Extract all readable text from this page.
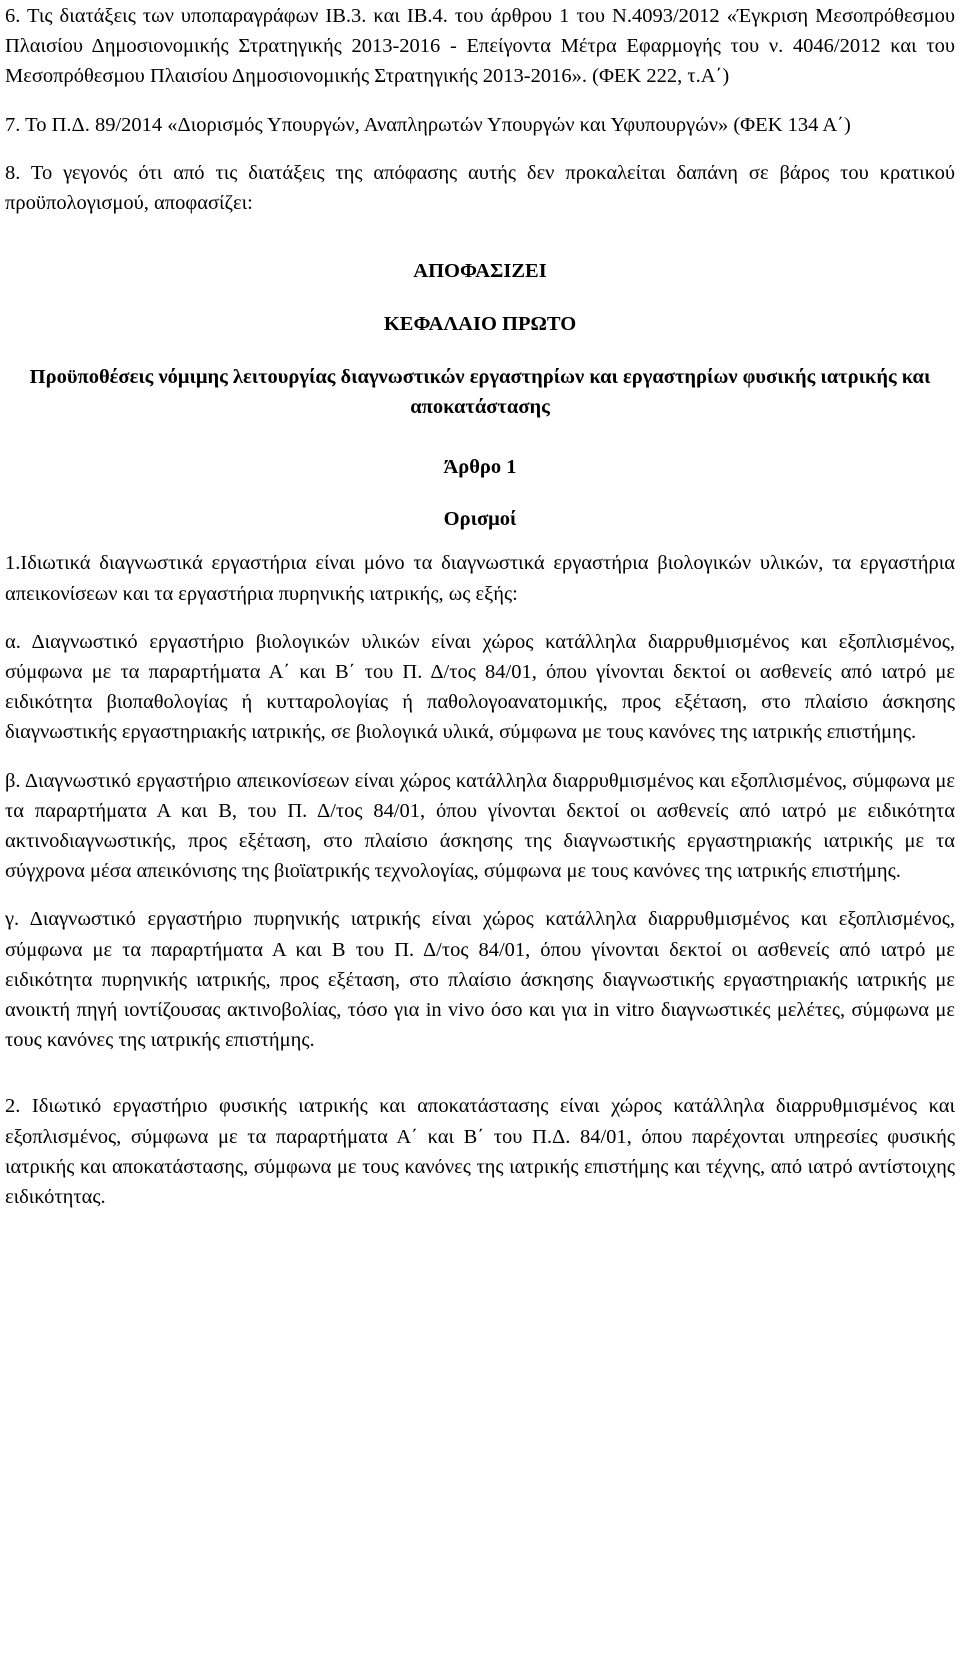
6. Τις διατάξεις των υποπαραγράφων ΙΒ.3. και ΙΒ.4. του άρθρου 1 του Ν.4093/2012 «Έγκριση Μεσοπρόθεσμου Πλαισίου Δημοσιονομικής Στρατηγικής 2013-2016 - Επείγοντα Μέτρα Εφαρμογής του ν. 4046/2012 και του Μεσοπρόθεσμου Πλαισίου Δημοσιονομικής Στρατηγικής 2013-2016». (ΦΕΚ 222, τ.Α΄)

7. Το Π.Δ. 89/2014 «Διορισμός Υπουργών, Αναπληρωτών Υπουργών και Υφυπουργών» (ΦΕΚ 134 Α΄)

8. Το γεγονός ότι από τις διατάξεις της απόφασης αυτής δεν προκαλείται δαπάνη σε βάρος του κρατικού προϋπολογισμού, αποφασίζει:

ΑΠΟΦΑΣΙΖΕΙ

ΚΕΦΑΛΑΙΟ ΠΡΩΤΟ

Προϋποθέσεις νόμιμης λειτουργίας διαγνωστικών εργαστηρίων και εργαστηρίων φυσικής ιατρικής και αποκατάστασης

Άρθρο 1

Ορισμοί

1.Ιδιωτικά διαγνωστικά εργαστήρια είναι μόνο τα διαγνωστικά εργαστήρια βιολογικών υλικών, τα εργαστήρια απεικονίσεων και τα εργαστήρια πυρηνικής ιατρικής, ως εξής:

α. Διαγνωστικό εργαστήριο βιολογικών υλικών είναι χώρος κατάλληλα διαρρυθμισμένος και εξοπλισμένος, σύμφωνα με τα παραρτήματα Α΄ και Β΄ του Π. Δ/τος 84/01, όπου γίνονται δεκτοί οι ασθενείς από ιατρό με ειδικότητα βιοπαθολογίας ή κυτταρολογίας ή παθολογοανατομικής, προς εξέταση, στο πλαίσιο άσκησης διαγνωστικής εργαστηριακής ιατρικής, σε βιολογικά υλικά, σύμφωνα με τους κανόνες της ιατρικής επιστήμης.

β. Διαγνωστικό εργαστήριο απεικονίσεων είναι χώρος κατάλληλα διαρρυθμισμένος και εξοπλισμένος, σύμφωνα με τα παραρτήματα Α και Β, του Π. Δ/τος 84/01, όπου γίνονται δεκτοί οι ασθενείς από ιατρό με ειδικότητα ακτινοδιαγνωστικής, προς εξέταση, στο πλαίσιο άσκησης της διαγνωστικής εργαστηριακής ιατρικής με τα σύγχρονα μέσα απεικόνισης της βιοϊατρικής τεχνολογίας, σύμφωνα με τους κανόνες της ιατρικής επιστήμης.

γ. Διαγνωστικό εργαστήριο πυρηνικής ιατρικής είναι χώρος κατάλληλα διαρρυθμισμένος και εξοπλισμένος, σύμφωνα με τα παραρτήματα Α και Β του Π. Δ/τος 84/01, όπου γίνονται δεκτοί οι ασθενείς από ιατρό με ειδικότητα πυρηνικής ιατρικής, προς εξέταση, στο πλαίσιο άσκησης διαγνωστικής εργαστηριακής ιατρικής με ανοικτή πηγή ιοντίζουσας ακτινοβολίας, τόσο για in vivo όσο και για in vitro διαγνωστικές μελέτες, σύμφωνα με τους κανόνες της ιατρικής επιστήμης.

2. Ιδιωτικό εργαστήριο φυσικής ιατρικής και αποκατάστασης είναι χώρος κατάλληλα διαρρυθμισμένος και εξοπλισμένος, σύμφωνα με τα παραρτήματα Α΄ και Β΄ του Π.Δ. 84/01, όπου παρέχονται υπηρεσίες φυσικής ιατρικής και αποκατάστασης, σύμφωνα με τους κανόνες της ιατρικής επιστήμης και τέχνης, από ιατρό αντίστοιχης ειδικότητας.
